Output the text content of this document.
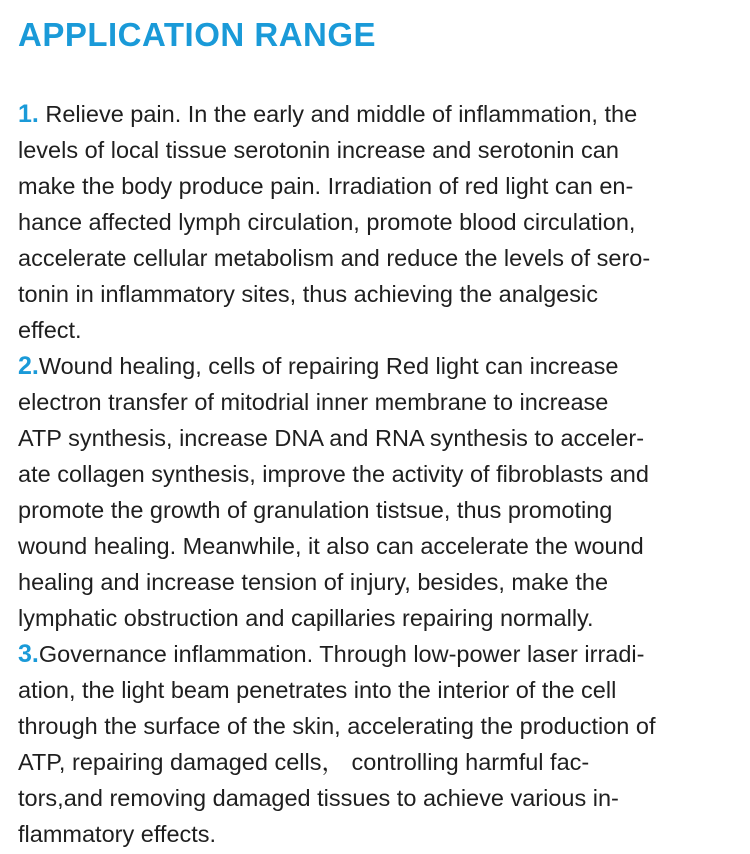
APPLICATION RANGE
1. Relieve pain. In the early and middle of inflammation, the
levels of local tissue serotonin increase and serotonin can
make the body produce pain. Irradiation of red light can en-
hance affected lymph circulation, promote blood circulation,
accelerate cellular metabolism and reduce the levels of sero-
tonin in inflammatory sites, thus achieving the analgesic
effect.
2.Wound healing, cells of repairing Red light can increase
electron transfer of mitodrial inner membrane to increase
ATP synthesis, increase DNA and RNA synthesis to acceler-
ate collagen synthesis, improve the activity of fibroblasts and
promote the growth of granulation tistsue, thus promoting
wound healing. Meanwhile, it also can accelerate the wound
healing and increase tension of injury, besides, make the
lymphatic obstruction and capillaries repairing normally.
3.Governance inflammation. Through low-power laser irradi-
ation, the light beam penetrates into the interior of the cell
through the surface of the skin, accelerating the production of
ATP, repairing damaged cells， controlling harmful fac-
tors,and removing damaged tissues to achieve various in-
flammatory effects.
